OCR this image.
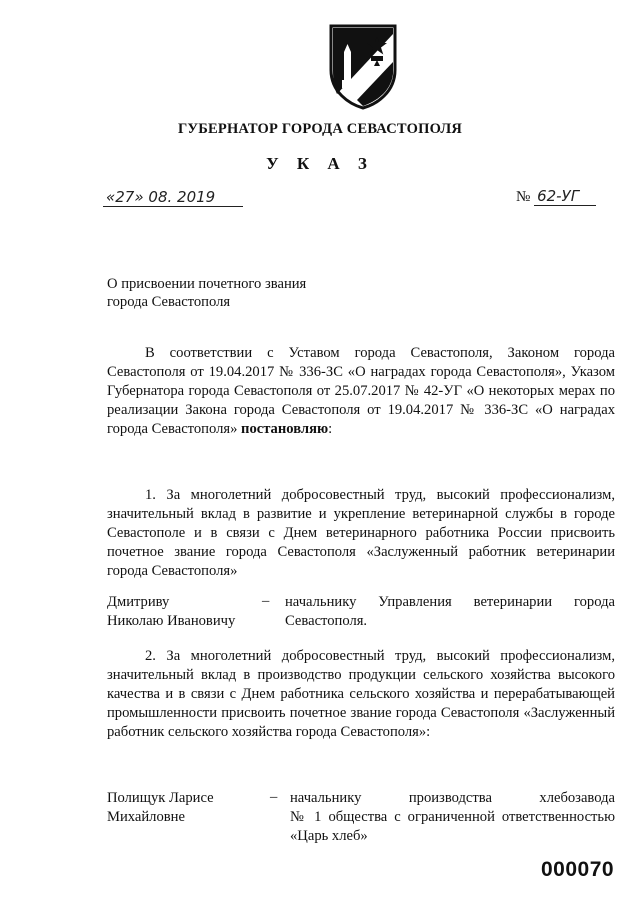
ГУБЕРНАТОР ГОРОДА СЕВАСТОПОЛЯ
У К А З
«27» 08. 2019	№ 62-УГ
О присвоении почетного звания
города Севастополя

В соответствии с Уставом города Севастополя, Законом города Севастополя от 19.04.2017 № 336-ЗС «О наградах города Севастополя», Указом Губернатора города Севастополя от 25.07.2017 № 42-УГ «О некоторых мерах по реализации Закона города Севастополя от 19.04.2017 № 336-ЗС «О наградах города Севастополя» постановляю:

1. За многолетний добросовестный труд, высокий профессионализм, значительный вклад в развитие и укрепление ветеринарной службы в городе Севастополе и в связи с Днем ветеринарного работника России присвоить почетное звание города Севастополя «Заслуженный работник ветеринарии города Севастополя»

Дмитриву
Николаю Ивановичу
– начальнику Управления ветеринарии города Севастополя.

2. За многолетний добросовестный труд, высокий профессионализм, значительный вклад в производство продукции сельского хозяйства высокого качества и в связи с Днем работника сельского хозяйства и перерабатывающей промышленности присвоить почетное звание города Севастополя «Заслуженный работник сельского хозяйства города Севастополя»:

Полищук Ларисе
Михайловне
– начальнику производства хлебозавода
№ 1 общества с ограниченной ответственностью
«Царь хлеб»
000070
